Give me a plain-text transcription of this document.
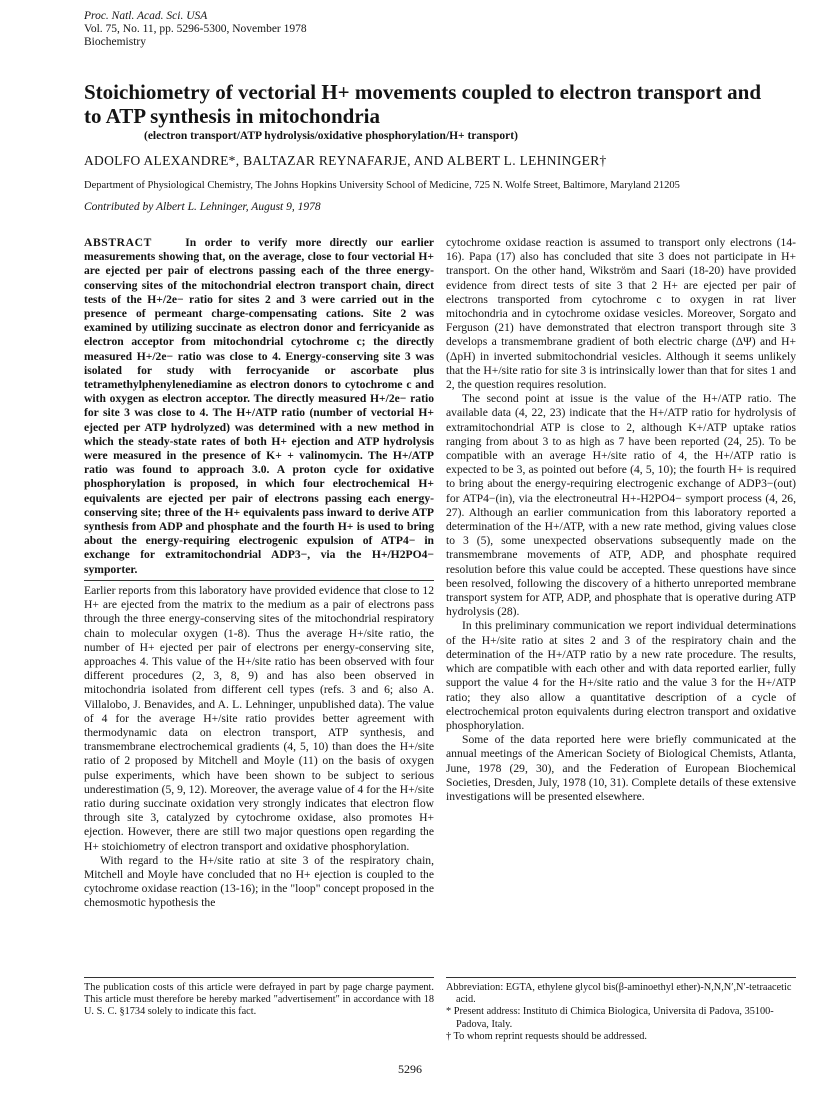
Proc. Natl. Acad. Sci. USA
Vol. 75, No. 11, pp. 5296-5300, November 1978
Biochemistry
Stoichiometry of vectorial H+ movements coupled to electron transport and to ATP synthesis in mitochondria
(electron transport/ATP hydrolysis/oxidative phosphorylation/H+ transport)
ADOLFO ALEXANDRE*, BALTAZAR REYNAFARJE, AND ALBERT L. LEHNINGER†
Department of Physiological Chemistry, The Johns Hopkins University School of Medicine, 725 N. Wolfe Street, Baltimore, Maryland 21205
Contributed by Albert L. Lehninger, August 9, 1978

ABSTRACT	In order to verify more directly our earlier measurements showing that, on the average, close to four vectorial H+ are ejected per pair of electrons passing each of the three energy-conserving sites of the mitochondrial electron transport chain, direct tests of the H+/2e− ratio for sites 2 and 3 were carried out in the presence of permeant charge-compensating cations. Site 2 was examined by utilizing succinate as electron donor and ferricyanide as electron acceptor from mitochondrial cytochrome c; the directly measured H+/2e− ratio was close to 4. Energy-conserving site 3 was isolated for study with ferrocyanide or ascorbate plus tetramethylphenylenediamine as electron donors to cytochrome c and with oxygen as electron acceptor. The directly measured H+/2e− ratio for site 3 was close to 4. The H+/ATP ratio (number of vectorial H+ ejected per ATP hydrolyzed) was determined with a new method in which the steady-state rates of both H+ ejection and ATP hydrolysis were measured in the presence of K+ + valinomycin. The H+/ATP ratio was found to approach 3.0. A proton cycle for oxidative phosphorylation is proposed, in which four electrochemical H+ equivalents are ejected per pair of electrons passing each energy-conserving site; three of the H+ equivalents pass inward to derive ATP synthesis from ADP and phosphate and the fourth H+ is used to bring about the energy-requiring electrogenic expulsion of ATP4− in exchange for extramitochondrial ADP3−, via the H+/H2PO4− symporter.

Earlier reports from this laboratory have provided evidence that close to 12 H+ are ejected from the matrix to the medium as a pair of electrons pass through the three energy-conserving sites of the mitochondrial respiratory chain to molecular oxygen (1-8). Thus the average H+/site ratio, the number of H+ ejected per pair of electrons per energy-conserving site, approaches 4. This value of the H+/site ratio has been observed with four different procedures (2, 3, 8, 9) and has also been observed in mitochondria isolated from different cell types (refs. 3 and 6; also A. Villalobo, J. Benavides, and A. L. Lehninger, unpublished data). The value of 4 for the average H+/site ratio provides better agreement with thermodynamic data on electron transport, ATP synthesis, and transmembrane electrochemical gradients (4, 5, 10) than does the H+/site ratio of 2 proposed by Mitchell and Moyle (11) on the basis of oxygen pulse experiments, which have been shown to be subject to serious underestimation (5, 9, 12). Moreover, the average value of 4 for the H+/site ratio during succinate oxidation very strongly indicates that electron flow through site 3, catalyzed by cytochrome oxidase, also promotes H+ ejection. However, there are still two major questions open regarding the H+ stoichiometry of electron transport and oxidative phosphorylation.

With regard to the H+/site ratio at site 3 of the respiratory chain, Mitchell and Moyle have concluded that no H+ ejection is coupled to the cytochrome oxidase reaction (13-16); in the "loop" concept proposed in the chemosmotic hypothesis the

cytochrome oxidase reaction is assumed to transport only electrons (14-16). Papa (17) also has concluded that site 3 does not participate in H+ transport. On the other hand, Wikström and Saari (18-20) have provided evidence from direct tests of site 3 that 2 H+ are ejected per pair of electrons transported from cytochrome c to oxygen in rat liver mitochondria and in cytochrome oxidase vesicles. Moreover, Sorgato and Ferguson (21) have demonstrated that electron transport through site 3 develops a transmembrane gradient of both electric charge (ΔΨ) and H+ (ΔpH) in inverted submitochondrial vesicles. Although it seems unlikely that the H+/site ratio for site 3 is intrinsically lower than that for sites 1 and 2, the question requires resolution.

The second point at issue is the value of the H+/ATP ratio. The available data (4, 22, 23) indicate that the H+/ATP ratio for hydrolysis of extramitochondrial ATP is close to 2, although K+/ATP uptake ratios ranging from about 3 to as high as 7 have been reported (24, 25). To be compatible with an average H+/site ratio of 4, the H+/ATP ratio is expected to be 3, as pointed out before (4, 5, 10); the fourth H+ is required to bring about the energy-requiring electrogenic exchange of ADP3−(out) for ATP4−(in), via the electroneutral H+-H2PO4− symport process (4, 26, 27). Although an earlier communication from this laboratory reported a determination of the H+/ATP, with a new rate method, giving values close to 3 (5), some unexpected observations subsequently made on the transmembrane movements of ATP, ADP, and phosphate required resolution before this value could be accepted. These questions have since been resolved, following the discovery of a hitherto unreported membrane transport system for ATP, ADP, and phosphate that is operative during ATP hydrolysis (28).

In this preliminary communication we report individual determinations of the H+/site ratio at sites 2 and 3 of the respiratory chain and the determination of the H+/ATP ratio by a new rate procedure. The results, which are compatible with each other and with data reported earlier, fully support the value 4 for the H+/site ratio and the value 3 for the H+/ATP ratio; they also allow a quantitative description of a cycle of electrochemical proton equivalents during electron transport and oxidative phosphorylation.

Some of the data reported here were briefly communicated at the annual meetings of the American Society of Biological Chemists, Atlanta, June, 1978 (29, 30), and the Federation of European Biochemical Societies, Dresden, July, 1978 (10, 31). Complete details of these extensive investigations will be presented elsewhere.

The publication costs of this article were defrayed in part by page charge payment. This article must therefore be hereby marked "advertisement" in accordance with 18 U. S. C. §1734 solely to indicate this fact.

Abbreviation: EGTA, ethylene glycol bis(β-aminoethyl ether)-N,N,N′,N′-tetraacetic acid.

* Present address: Instituto di Chimica Biologica, Universita di Padova, 35100-Padova, Italy.

† To whom reprint requests should be addressed.

5296
